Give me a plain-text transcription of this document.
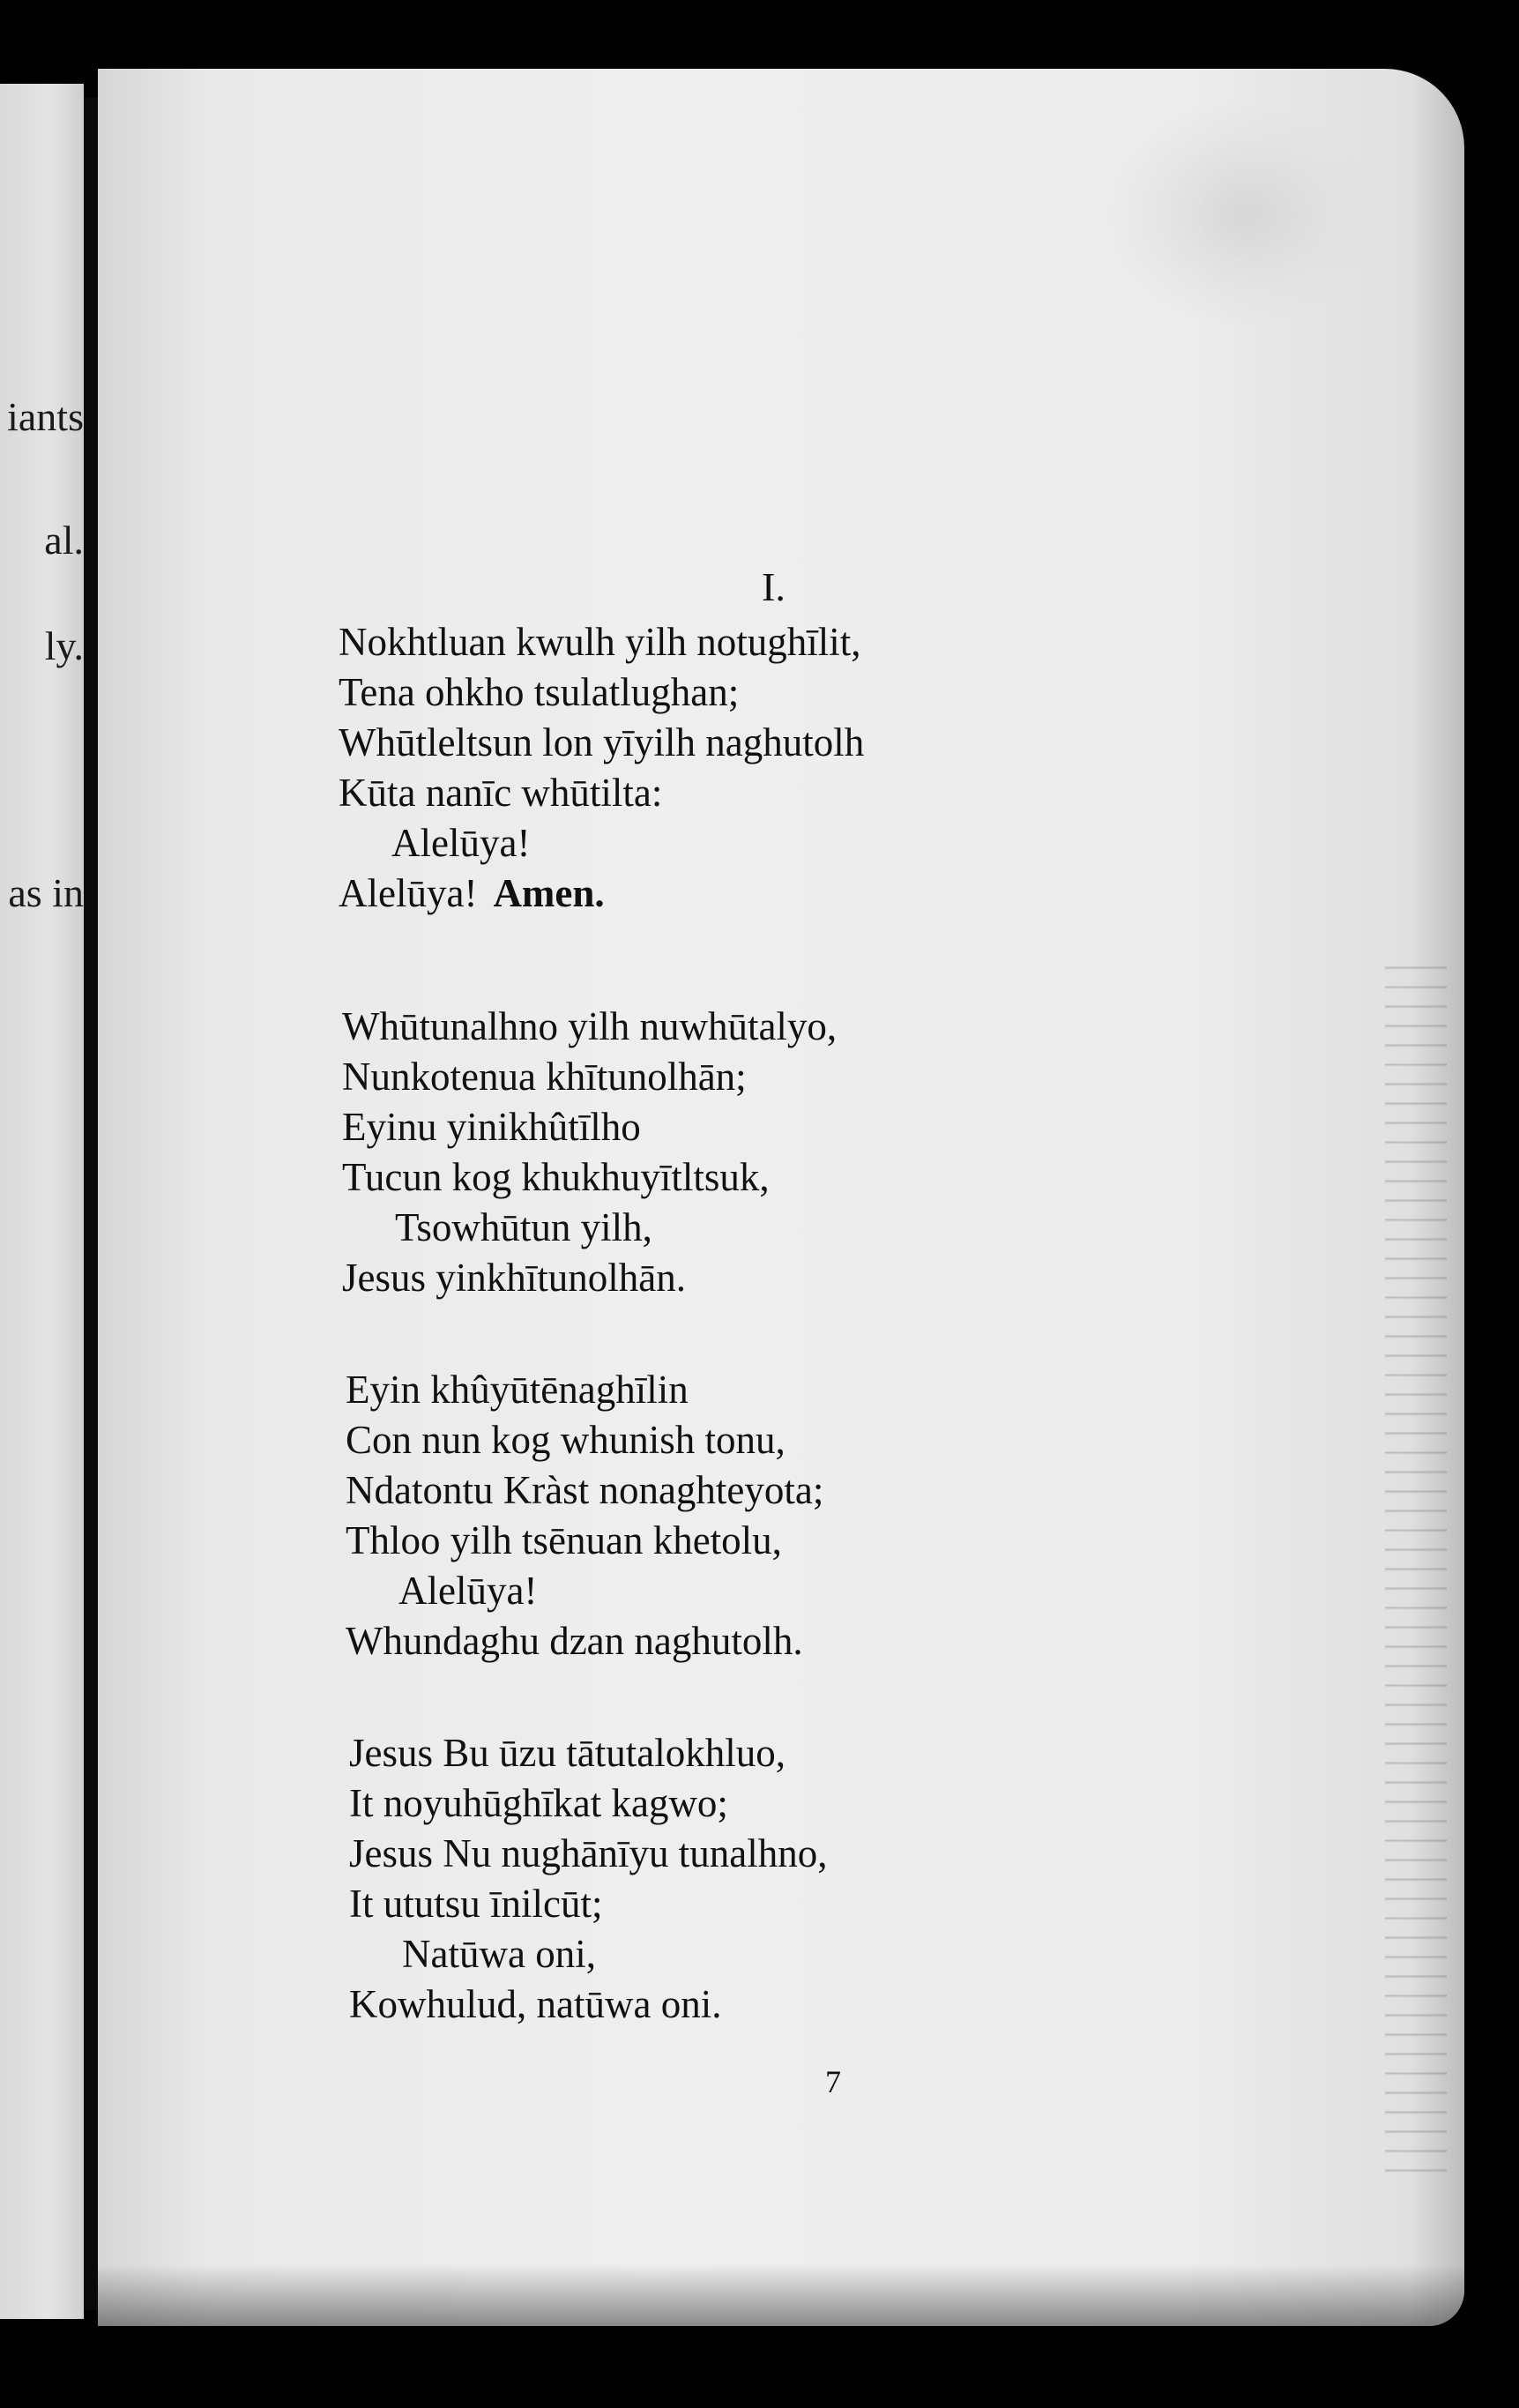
iants
al.
ly.
as in
I.
Nokhtluan kwulh yilh notughīlit,
Tena ohkho tsulatlughan;
Whūtleltsun lon yīyilh naghutolh
Kūta nanīc whūtilta:
Alelūya!
Alelūya! Amen.
Whūtunalhno yilh nuwhūtalyo,
Nunkotenua khītunolhān;
Eyinu yinikhûtīlho
Tucun kog khukhuyītltsuk,
Tsowhūtun yilh,
Jesus yinkhītunolhān.
Eyin khûyūtēnaghīlin
Con nun kog whunish tonu,
Ndatontu Kràst nonaghteyota;
Thloo yilh tsēnuan khetolu,
Alelūya!
Whundaghu dzan naghutolh.
Jesus Bu ūzu tātutalokhluo,
It noyuhūghīkat kagwo;
Jesus Nu nughānīyu tunalhno,
It ututsu īnilcūt;
Natūwa oni,
Kowhulud, natūwa oni.
7
